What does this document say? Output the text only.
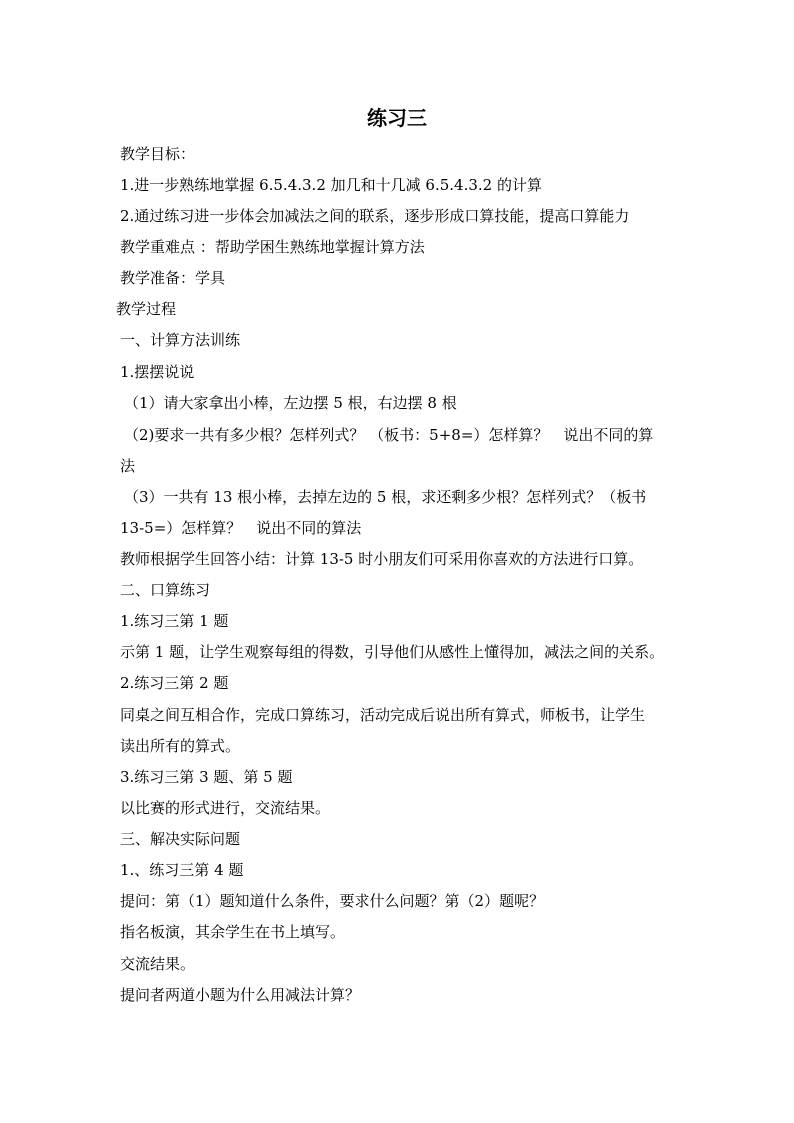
练习三
教学目标：
1.进一步熟练地掌握 6.5.4.3.2 加几和十几减 6.5.4.3.2 的计算
2.通过练习进一步体会加减法之间的联系，逐步形成口算技能，提高口算能力
教学重难点 ：帮助学困生熟练地掌握计算方法
教学准备：学具
教学过程
一、计算方法训练
1.摆摆说说
（1）请大家拿出小棒，左边摆 5 根，右边摆 8 根
（2)要求一共有多少根？怎样列式？ （板书：5+8=）怎样算？　说出不同的算
法
（3）一共有 13 根小棒，去掉左边的 5 根，求还剩多少根？怎样列式？（板书
13-5=）怎样算？　说出不同的算法
教师根据学生回答小结：计算 13-5 时小朋友们可采用你喜欢的方法进行口算。
二、口算练习
1.练习三第 1 题
示第 1 题，让学生观察每组的得数，引导他们从感性上懂得加，减法之间的关系。
2.练习三第 2 题
同桌之间互相合作，完成口算练习，活动完成后说出所有算式，师板书，让学生
读出所有的算式。
3.练习三第 3 题、第 5 题
以比赛的形式进行，交流结果。
三、解决实际问题
1.、练习三第 4 题
提问：第（1）题知道什么条件，要求什么问题？第（2）题呢？
指名板演，其余学生在书上填写。
交流结果。
提问者两道小题为什么用减法计算？
